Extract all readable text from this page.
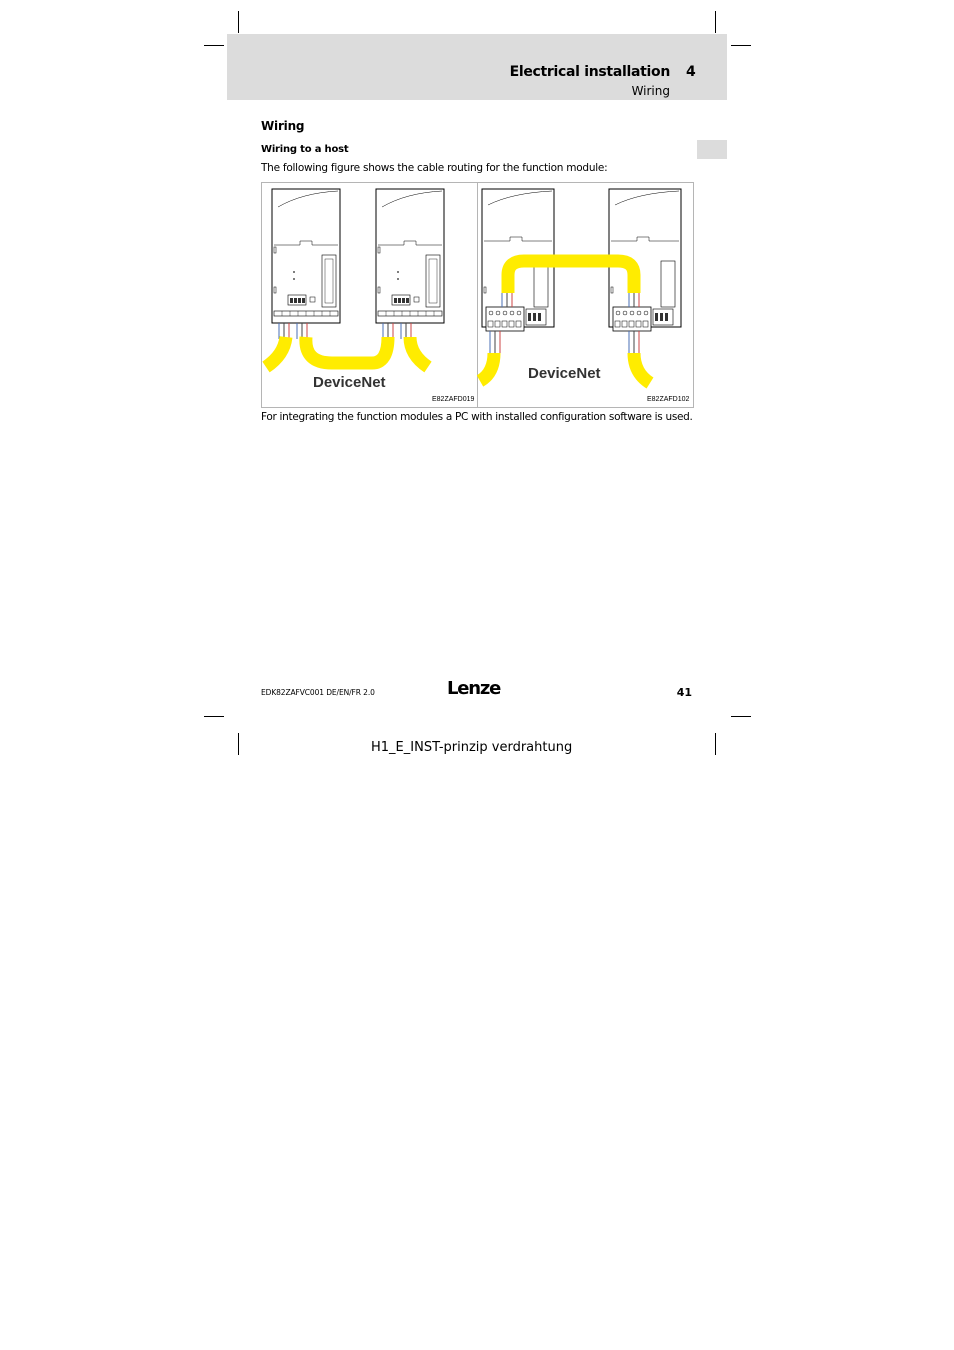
Electrical installation 4
Wiring
Wiring
Wiring to a host
The following figure shows the cable routing for the function module:
DeviceNet
DeviceNet
E82ZAFD019	E82ZAFD102
For integrating the function modules a PC with installed configuration software is used.
EDK82ZAFVC001 DE/EN/FR 2.0	Lenze	41
H1_E_INST-prinzip verdrahtung
